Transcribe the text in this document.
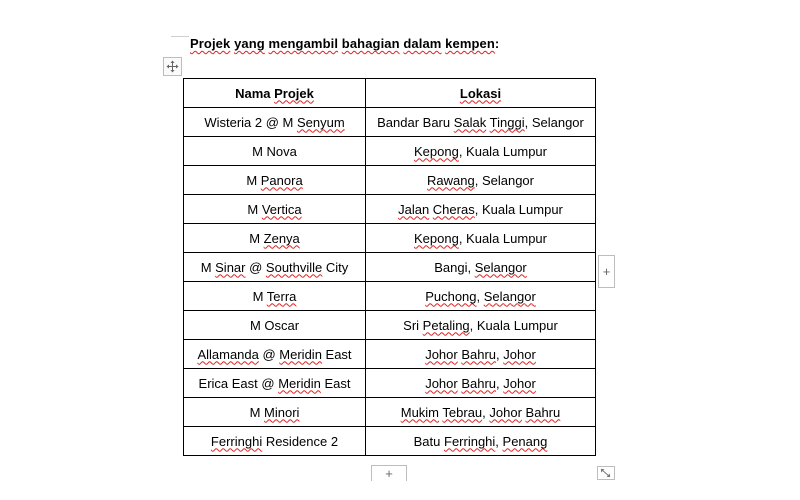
Projek yang mengambil bahagian dalam kempen:
Nama Projek	Lokasi
Wisteria 2 @ M Senyum	Bandar Baru Salak Tinggi, Selangor
M Nova	Kepong, Kuala Lumpur
M Panora	Rawang, Selangor
M Vertica	Jalan Cheras, Kuala Lumpur
M Zenya	Kepong, Kuala Lumpur
M Sinar @ Southville City	Bangi, Selangor
M Terra	Puchong, Selangor
M Oscar	Sri Petaling, Kuala Lumpur
Allamanda @ Meridin East	Johor Bahru, Johor
Erica East @ Meridin East	Johor Bahru, Johor
M Minori	Mukim Tebrau, Johor Bahru
Ferringhi Residence 2	Batu Ferringhi, Penang
+
+
